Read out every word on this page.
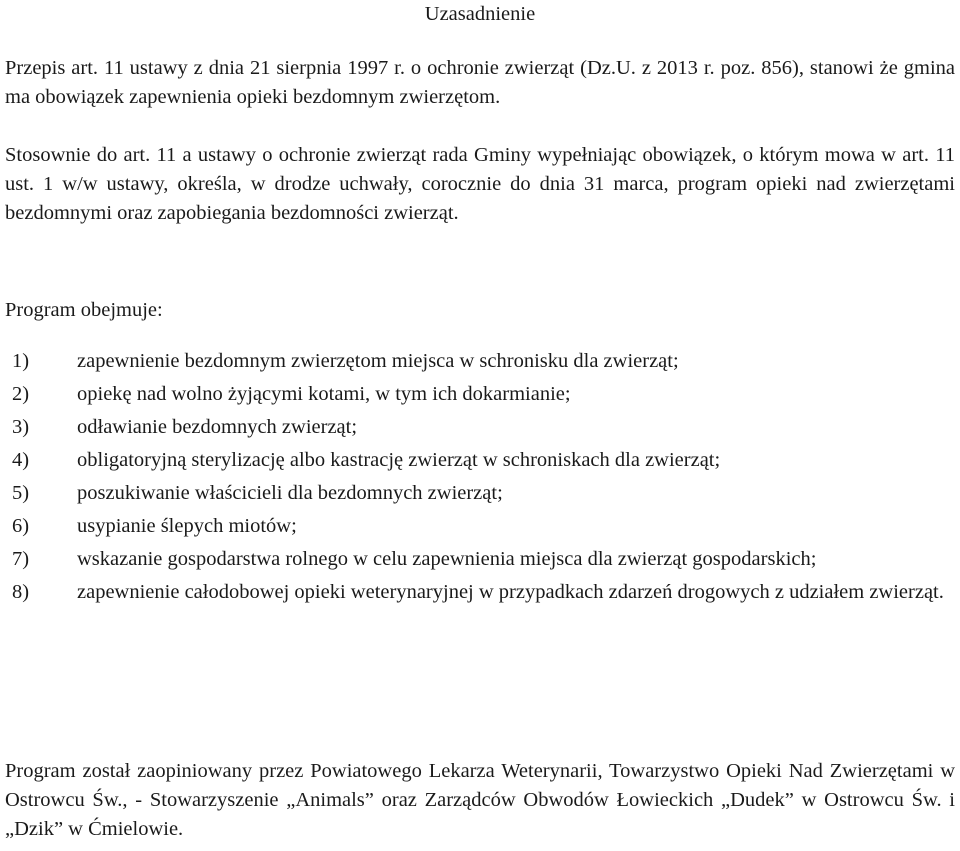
Uzasadnienie

Przepis art. 11 ustawy z dnia 21 sierpnia 1997 r. o ochronie zwierząt (Dz.U. z 2013 r. poz. 856), stanowi że gmina ma obowiązek zapewnienia opieki bezdomnym zwierzętom.

Stosownie do art. 11 a ustawy o ochronie zwierząt rada Gminy wypełniając obowiązek, o którym mowa w art. 11 ust. 1 w/w ustawy, określa, w drodze uchwały, corocznie do dnia 31 marca, program opieki nad zwierzętami bezdomnymi oraz zapobiegania bezdomności zwierząt.

Program obejmuje:

1) zapewnienie bezdomnym zwierzętom miejsca w schronisku dla zwierząt;
2) opiekę nad wolno żyjącymi kotami, w tym ich dokarmianie;
3) odławianie bezdomnych zwierząt;
4) obligatoryjną sterylizację albo kastrację zwierząt w schroniskach dla zwierząt;
5) poszukiwanie właścicieli dla bezdomnych zwierząt;
6) usypianie ślepych miotów;
7) wskazanie gospodarstwa rolnego w celu zapewnienia miejsca dla zwierząt gospodarskich;
8) zapewnienie całodobowej opieki weterynaryjnej w przypadkach zdarzeń drogowych z udziałem zwierząt.

Program został zaopiniowany przez Powiatowego Lekarza Weterynarii, Towarzystwo Opieki Nad Zwierzętami w Ostrowcu Św., - Stowarzyszenie „Animals” oraz Zarządców Obwodów Łowieckich „Dudek” w Ostrowcu Św. i „Dzik” w Ćmielowie.
